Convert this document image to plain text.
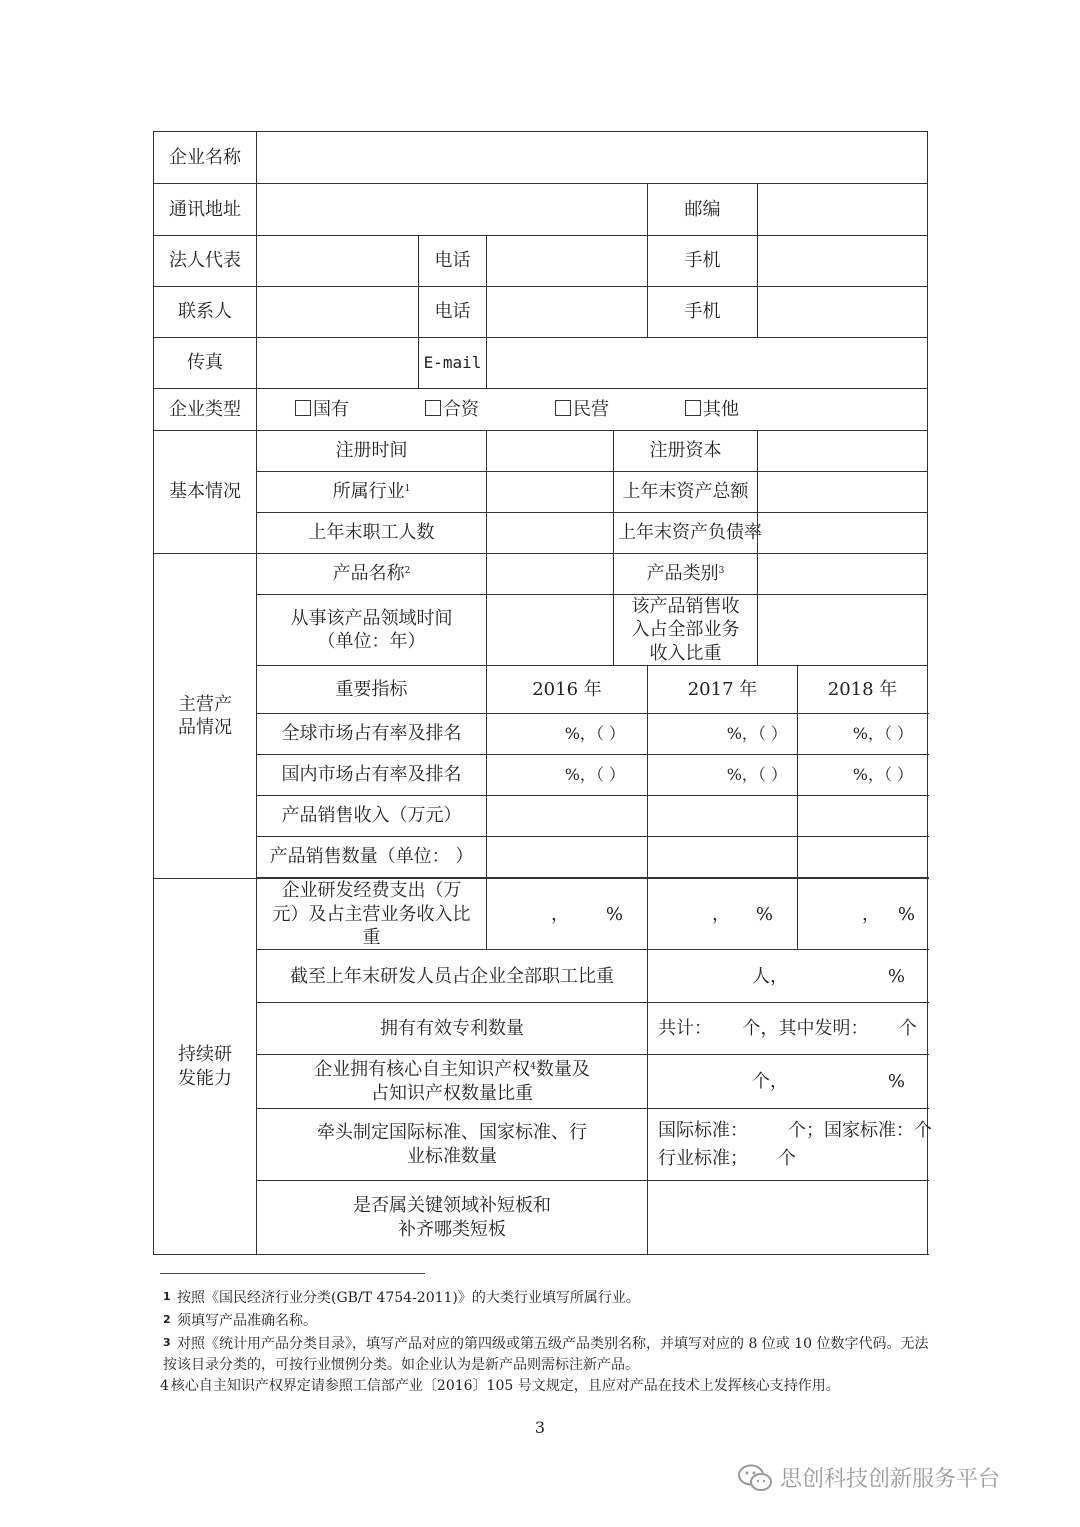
企业名称							
通讯地址					邮编		
法人代表		电话			手机		
联系人		电话			手机		
传真		E-mail					
企业类型	国有 合资 民营 其他						
基本情况	注册时间			注册资本			
	所属行业$^1$			上年末资产总额			
	上年末职工人数			上年末资产负债率			
主营产品情况	产品名称$^2$			产品类别$^3$	
	从事该产品领域时间（单位：年）			该产品销售收入占全部业务收入比重			
	重要指标		2016 年		2017 年		2018 年
	全球市场占有率及排名		%，（ ）		%，（ ）		%，（ ）
	国内市场占有率及排名		%，（ ）		%，（ ）		%，（ ）
	产品销售收入（万元）						
	产品销售数量（单位： ）						

持续研发能力	企业研发经费支出（万元）及占主营业务收入比重		， %		， %		， %

	截至上年末研发人员占企业全部职工比重				人， %		

	拥有有效专利数量				共计： 个，其中发明： 个		

	企业拥有核心自主知识产权$^4$数量及占知识产权数量比重				个， %		

	牵头制定国际标准、国家标准、行业标准数量				国际标准： 个；国家标准： 个
行业标准； 个		

	是否属关键领域补短板和补齐哪类短板						
1 按照《国民经济行业分类(GB/T 4754-2011)》的大类行业填写所属行业。
2 须填写产品准确名称。
3 对照《统计用产品分类目录》，填写产品对应的第四级或第五级产品类别名称，并填写对应的 8 位或 10 位数字代码。无法按该目录分类的，可按行业惯例分类。如企业认为是新产品则需标注新产品。
4 核心自主知识产权界定请参照工信部产业〔2016〕105 号文规定，且应对产品在技术上发挥核心支持作用。
3
思创科技创新服务平台
